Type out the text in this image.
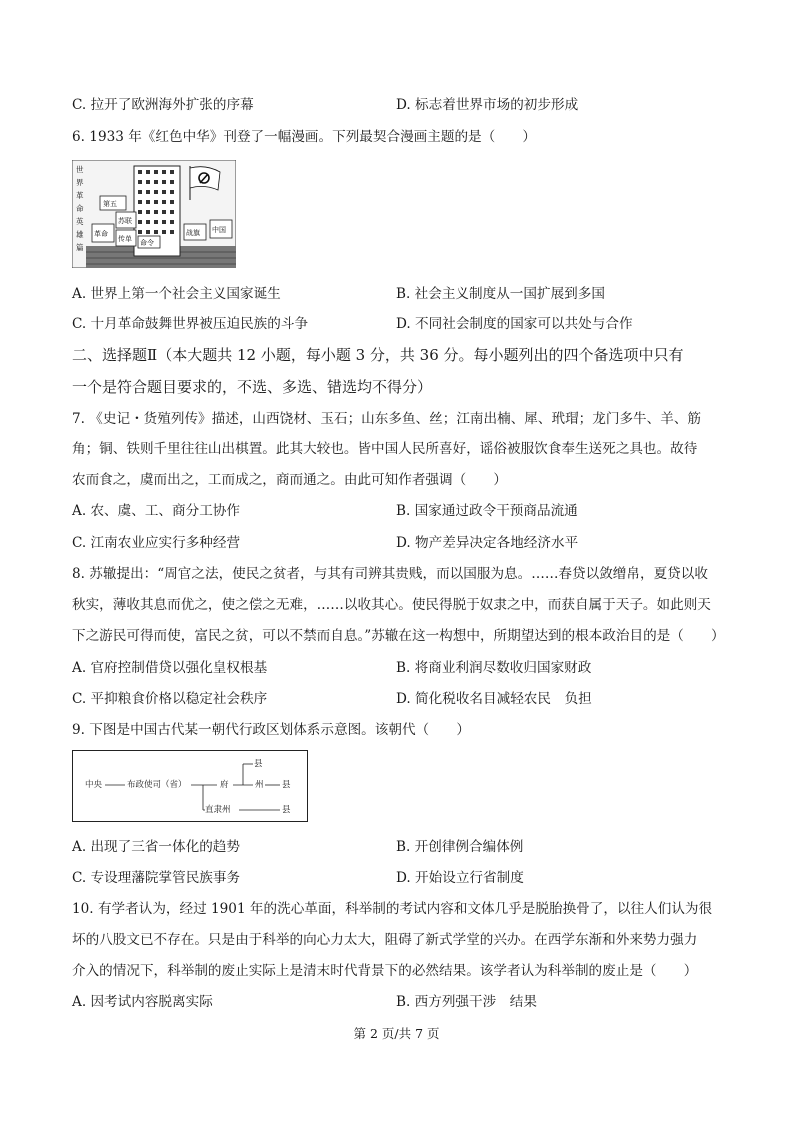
C. 拉开了欧洲海外扩张的序幕	D. 标志着世界市场的初步形成
6. 1933 年《红色中华》刊登了一幅漫画。下列最契合漫画主题的是（　　）
世
界
革
命
英
雄
篇
第五
苏联
传单
革命
命令
中国
战旗
A. 世界上第一个社会主义国家诞生	B. 社会主义制度从一国扩展到多国
C. 十月革命鼓舞世界被压迫民族的斗争	D. 不同社会制度的国家可以共处与合作
二、选择题Ⅱ（本大题共 12 小题，每小题 3 分，共 36 分。每小题列出的四个备选项中只有
一个是符合题目要求的，不选、多选、错选均不得分）
7. 《史记・货殖列传》描述，山西饶材、玉石；山东多鱼、丝；江南出楠、犀、玳瑁；龙门多牛、羊、筋
角；铜、铁则千里往往山出棋置。此其大较也。皆中国人民所喜好，谣俗被服饮食奉生送死之具也。故待
农而食之，虞而出之，工而成之，商而通之。由此可知作者强调（　　）
A. 农、虞、工、商分工协作	B. 国家通过政令干预商品流通
C. 江南农业应实行多种经营	D. 物产差异决定各地经济水平
8. 苏辙提出：“周官之法，使民之贫者，与其有司辨其贵贱，而以国服为息。……春贷以敛缯帛，夏贷以收
秋实，薄收其息而优之，使之偿之无难，……以收其心。使民得脱于奴隶之中，而获自属于天子。如此则天
下之游民可得而使，富民之贫，可以不禁而自息。”苏辙在这一构想中，所期望达到的根本政治目的是（　　）
A. 官府控制借贷以强化皇权根基	B. 将商业利润尽数收归国家财政
C. 平抑粮食价格以稳定社会秩序	D. 简化税收名目减轻农民　负担
9. 下图是中国古代某一朝代行政区划体系示意图。该朝代（　　）
中央	布政使司（省）	府
县
州 县
直隶州	县
A. 出现了三省一体化的趋势	B. 开创律例合编体例
C. 专设理藩院掌管民族事务	D. 开始设立行省制度
10. 有学者认为，经过 1901 年的洗心革面，科举制的考试内容和文体几乎是脱胎换骨了，以往人们认为很
坏的八股文已不存在。只是由于科举的向心力太大，阻碍了新式学堂的兴办。在西学东渐和外来势力强力
介入的情况下，科举制的废止实际上是清末时代背景下的必然结果。该学者认为科举制的废止是（　　）
A. 因考试内容脱离实际	B. 西方列强干涉　结果
第 2 页/共 7 页
